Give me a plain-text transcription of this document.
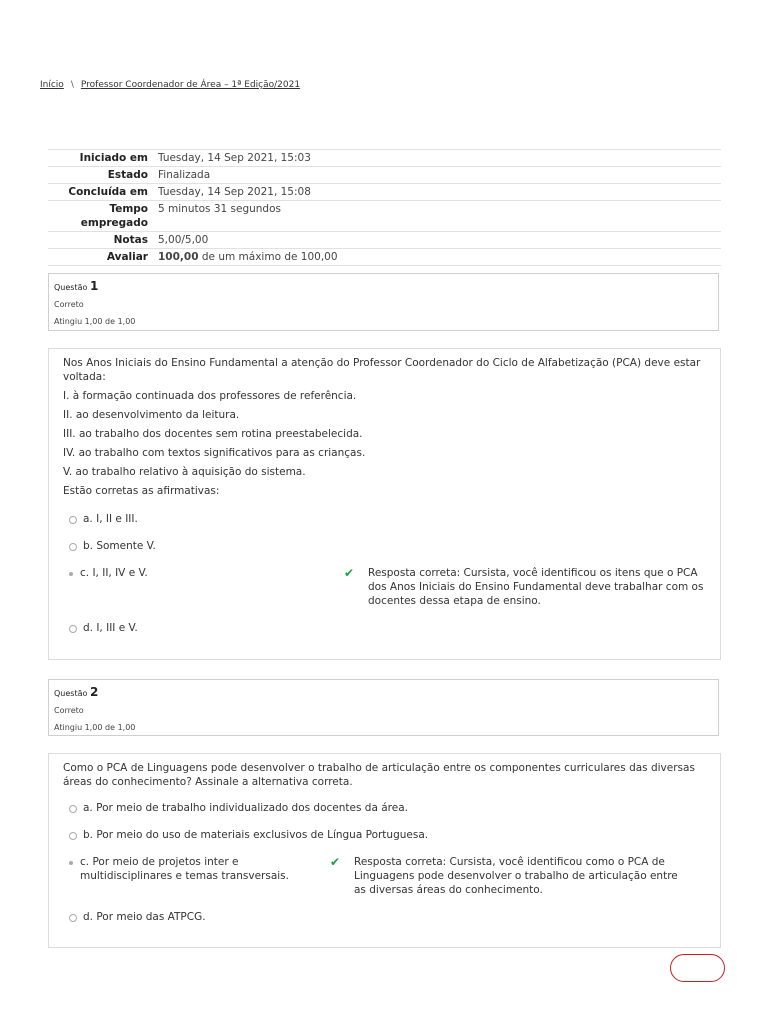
Início \ Professor Coordenador de Área – 1ª Edição/2021
Iniciado em	Tuesday, 14 Sep 2021, 15:03
Estado	Finalizada
Concluída em	Tuesday, 14 Sep 2021, 15:08
Tempo empregado	5 minutos 31 segundos
Notas	5,00/5,00
Avaliar	100,00 de um máximo de 100,00
Questão 1
Correto
Atingiu 1,00 de 1,00

Nos Anos Iniciais do Ensino Fundamental a atenção do Professor Coordenador do Ciclo de Alfabetização (PCA) deve estar voltada:

I. à formação continuada dos professores de referência.

II. ao desenvolvimento da leitura.

III. ao trabalho dos docentes sem rotina preestabelecida.

IV. ao trabalho com textos significativos para as crianças.

V. ao trabalho relativo à aquisição do sistema.

Estão corretas as afirmativas:

a. I, II e III.
b. Somente V.
c. I, II, IV e V.	✔	Resposta correta: Cursista, você identificou os itens que o PCA dos Anos Iniciais do Ensino Fundamental deve trabalhar com os docentes dessa etapa de ensino.
d. I, III e V.
Questão 2
Correto
Atingiu 1,00 de 1,00

Como o PCA de Linguagens pode desenvolver o trabalho de articulação entre os componentes curriculares das diversas áreas do conhecimento? Assinale a alternativa correta.

a. Por meio de trabalho individualizado dos docentes da área.
b. Por meio do uso de materiais exclusivos de Língua Portuguesa.
c. Por meio de projetos inter e multidisciplinares e temas transversais.
✔	Resposta correta: Cursista, você identificou como o PCA de Linguagens pode desenvolver o trabalho de articulação entre as diversas áreas do conhecimento.
d. Por meio das ATPCG.
